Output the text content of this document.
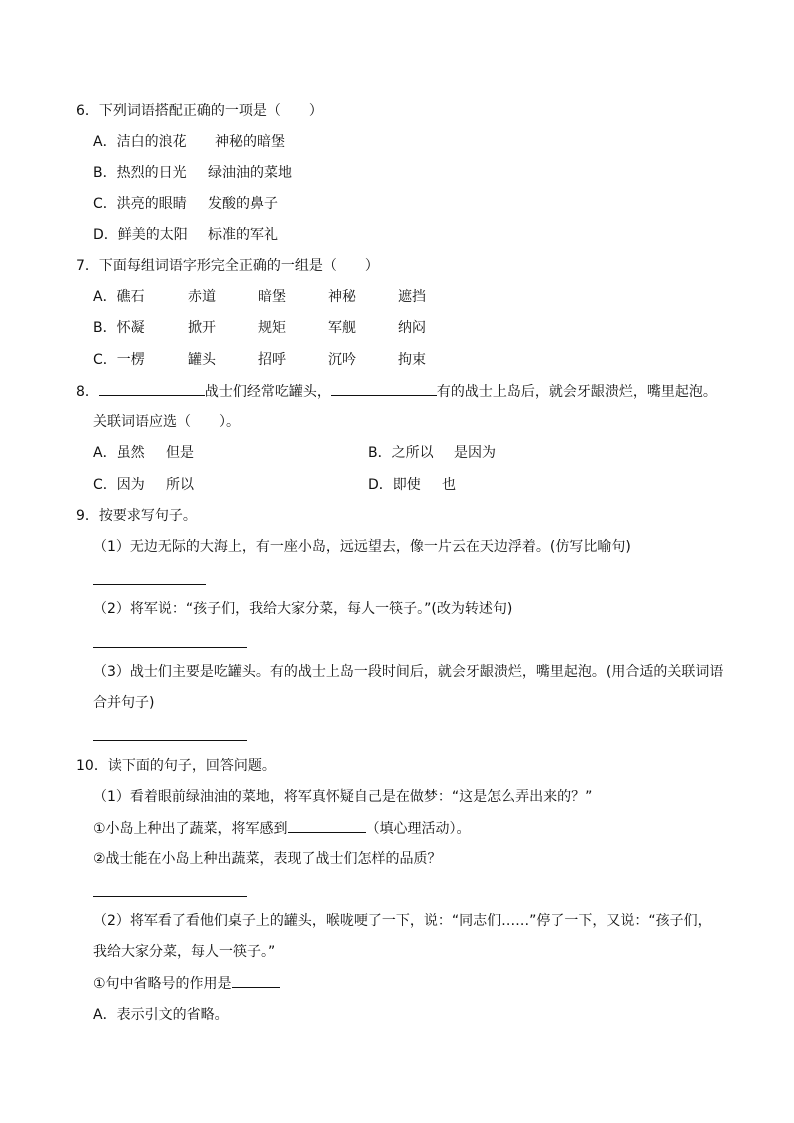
6．下列词语搭配正确的一项是（　　）
A．洁白的浪花 神秘的暗堡
B．热烈的日光 绿油油的菜地
C．洪亮的眼睛 发酸的鼻子
D．鲜美的太阳 标准的军礼
7．下面每组词语字形完全正确的一组是（　　）
A．礁石	赤道	暗堡	神秘	遮挡
B．怀凝	掀开	规矩	军舰	纳闷
C．一楞	罐头	招呼	沉吟	拘束
8．	战士们经常吃罐头，	有的战士上岛后，就会牙龈溃烂，嘴里起泡。
关联词语应选（　　）。
A．虽然 但是	B．之所以 是因为
C．因为 所以	D．即使 也
9．按要求写句子。
（1）无边无际的大海上，有一座小岛，远远望去，像一片云在天边浮着。(仿写比喻句)
（2）将军说：“孩子们，我给大家分菜，每人一筷子。”(改为转述句)
（3）战士们主要是吃罐头。有的战士上岛一段时间后，就会牙龈溃烂，嘴里起泡。(用合适的关联词语
合并句子)
10．读下面的句子，回答问题。
（1）看着眼前绿油油的菜地，将军真怀疑自己是在做梦：“这是怎么弄出来的？”
①小岛上种出了蔬菜，将军感到	（填心理活动）。
②战士能在小岛上种出蔬菜，表现了战士们怎样的品质？
（2）将军看了看他们桌子上的罐头，喉咙哽了一下，说：“同志们……”停了一下，又说：“孩子们，
我给大家分菜，每人一筷子。”
①句中省略号的作用是
A．表示引文的省略。
